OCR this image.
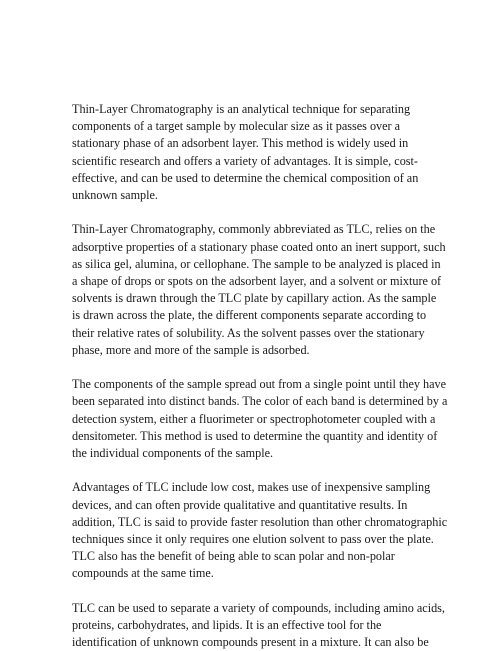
Thin-Layer Chromatography is an analytical technique for separating
components of a target sample by molecular size as it passes over a
stationary phase of an adsorbent layer. This method is widely used in
scientific research and offers a variety of advantages. It is simple, cost-
effective, and can be used to determine the chemical composition of an
unknown sample.
Thin-Layer Chromatography, commonly abbreviated as TLC, relies on the
adsorptive properties of a stationary phase coated onto an inert support, such
as silica gel, alumina, or cellophane. The sample to be analyzed is placed in
a shape of drops or spots on the adsorbent layer, and a solvent or mixture of
solvents is drawn through the TLC plate by capillary action. As the sample
is drawn across the plate, the different components separate according to
their relative rates of solubility. As the solvent passes over the stationary
phase, more and more of the sample is adsorbed.
The components of the sample spread out from a single point until they have
been separated into distinct bands. The color of each band is determined by a
detection system, either a fluorimeter or spectrophotometer coupled with a
densitometer. This method is used to determine the quantity and identity of
the individual components of the sample.
Advantages of TLC include low cost, makes use of inexpensive sampling
devices, and can often provide qualitative and quantitative results. In
addition, TLC is said to provide faster resolution than other chromatographic
techniques since it only requires one elution solvent to pass over the plate.
TLC also has the benefit of being able to scan polar and non-polar
compounds at the same time.
TLC can be used to separate a variety of compounds, including amino acids,
proteins, carbohydrates, and lipids. It is an effective tool for the
identification of unknown compounds present in a mixture. It can also be
